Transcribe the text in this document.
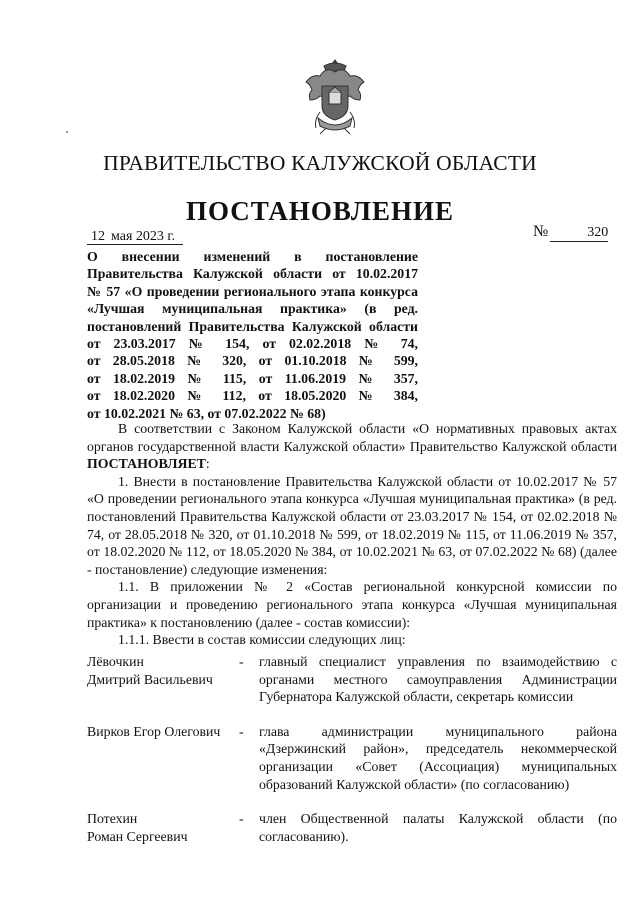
ПРАВИТЕЛЬСТВО КАЛУЖСКОЙ ОБЛАСТИ
ПОСТАНОВЛЕНИЕ
12 мая 2023 г.	№	320
О внесении изменений в постановление
Правительства Калужской области от 10.02.2017
№ 57 «О проведении регионального этапа конкурса
«Лучшая муниципальная практика» (в ред.
постановлений Правительства Калужской области
от 23.03.2017 № 154, от 02.02.2018 № 74,
от 28.05.2018 № 320, от 01.10.2018 № 599,
от 18.02.2019 № 115, от 11.06.2019 № 357,
от 18.02.2020 № 112, от 18.05.2020 № 384,
от 10.02.2021 № 63, от 07.02.2022 № 68)

В соответствии с Законом Калужской области «О нормативных правовых актах органов государственной власти Калужской области» Правительство Калужской области ПОСТАНОВЛЯЕТ:

1. Внести в постановление Правительства Калужской области от 10.02.2017 № 57 «О проведении регионального этапа конкурса «Лучшая муниципальная практика» (в ред. постановлений Правительства Калужской области от 23.03.2017 № 154, от 02.02.2018 № 74, от 28.05.2018 № 320, от 01.10.2018 № 599, от 18.02.2019 № 115, от 11.06.2019 № 357, от 18.02.2020 № 112, от 18.05.2020 № 384, от 10.02.2021 № 63, от 07.02.2022 № 68) (далее - постановление) следующие изменения:

1.1. В приложении № 2 «Состав региональной конкурсной комиссии по организации и проведению регионального этапа конкурса «Лучшая муниципальная практика» к постановлению (далее - состав комиссии):

1.1.1. Ввести в состав комиссии следующих лиц:

Лёвочкин
Дмитрий Васильевич
-	главный специалист управления по взаимодействию с органами местного самоуправления Администрации Губернатора Калужской области, секретарь комиссии
Вирков Егор Олегович	-	глава администрации муниципального района «Дзержинский район», председатель некоммерческой организации «Совет (Ассоциация) муниципальных образований Калужской области» (по согласованию)
Потехин
Роман Сергеевич
-	член Общественной палаты Калужской области (по согласованию).
